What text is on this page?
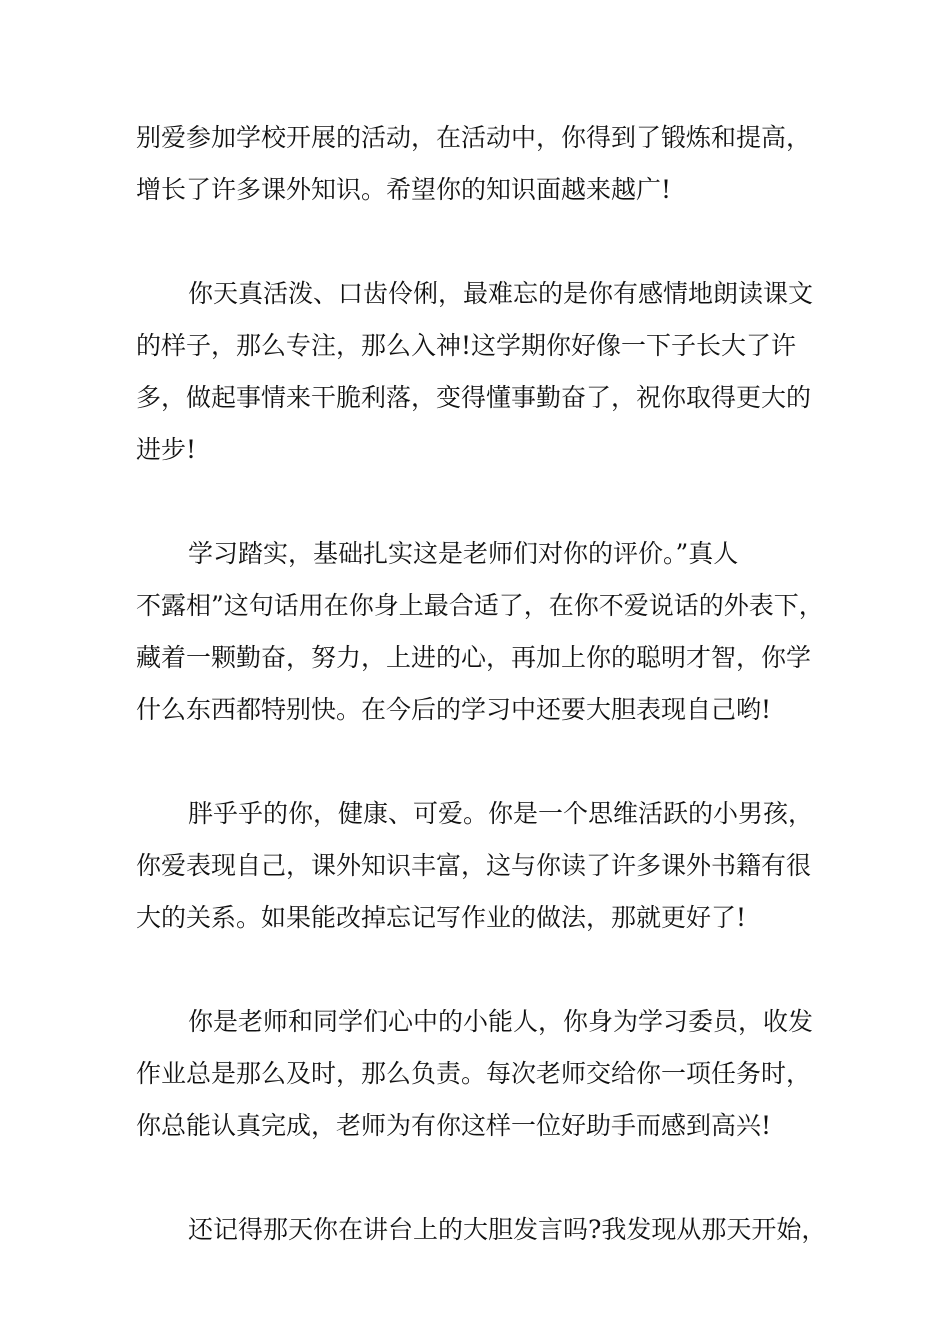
别爱参加学校开展的活动，在活动中，你得到了锻炼和提高，
增长了许多课外知识。希望你的知识面越来越广!

你天真活泼、口齿伶俐，最难忘的是你有感情地朗读课文
的样子，那么专注，那么入神!这学期你好像一下子长大了许
多，做起事情来干脆利落，变得懂事勤奋了，祝你取得更大的
进步!

学习踏实，基础扎实这是老师们对你的评价。”真人
不露相”这句话用在你身上最合适了，在你不爱说话的外表下，
藏着一颗勤奋，努力，上进的心，再加上你的聪明才智，你学
什么东西都特别快。在今后的学习中还要大胆表现自己哟!

胖乎乎的你，健康、可爱。你是一个思维活跃的小男孩，
你爱表现自己，课外知识丰富，这与你读了许多课外书籍有很
大的关系。如果能改掉忘记写作业的做法，那就更好了!

你是老师和同学们心中的小能人，你身为学习委员，收发
作业总是那么及时，那么负责。每次老师交给你一项任务时，
你总能认真完成，老师为有你这样一位好助手而感到高兴!

还记得那天你在讲台上的大胆发言吗?我发现从那天开始，
